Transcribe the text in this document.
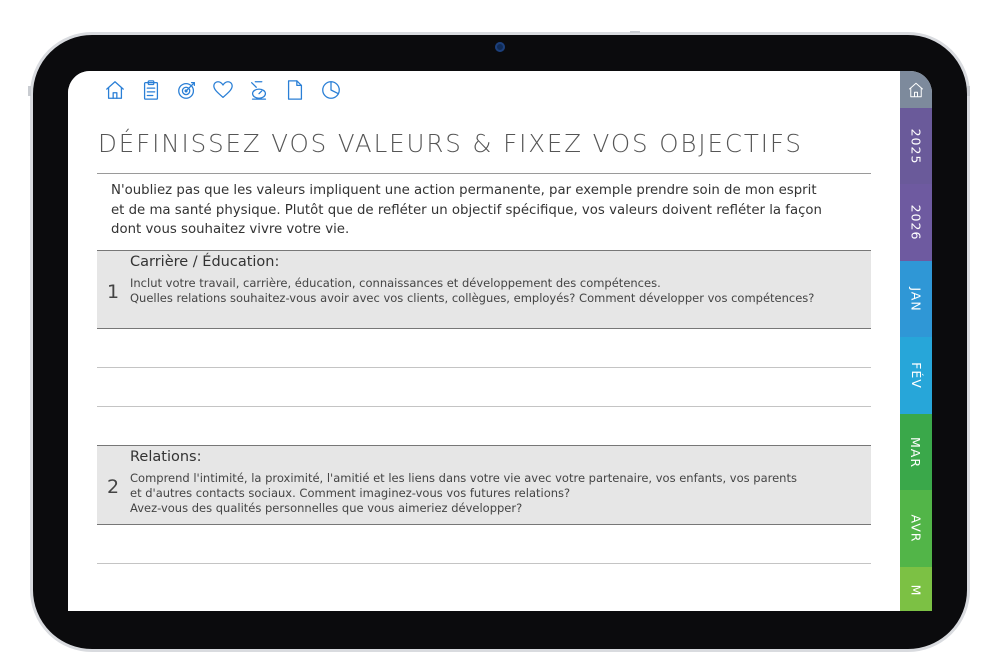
DÉFINISSEZ VOS VALEURS & FIXEZ VOS OBJECTIFS

N'oubliez pas que les valeurs impliquent une action permanente, par exemple prendre soin de mon esprit
et de ma santé physique. Plutôt que de refléter un objectif spécifique, vos valeurs doivent refléter la façon
dont vous souhaitez vivre votre vie.

Carrière / Éducation:
1 Inclut votre travail, carrière, éducation, connaissances et développement des compétences.
Quelles relations souhaitez-vous avoir avec vos clients, collègues, employés? Comment développer vos compétences?

Relations:
2 Comprend l'intimité, la proximité, l'amitié et les liens dans votre vie avec votre partenaire, vos enfants, vos parents
et d'autres contacts sociaux. Comment imaginez-vous vos futures relations?
Avez-vous des qualités personnelles que vous aimeriez développer?

2025
2026
JAN
FÉV
MAR
AVR
M
